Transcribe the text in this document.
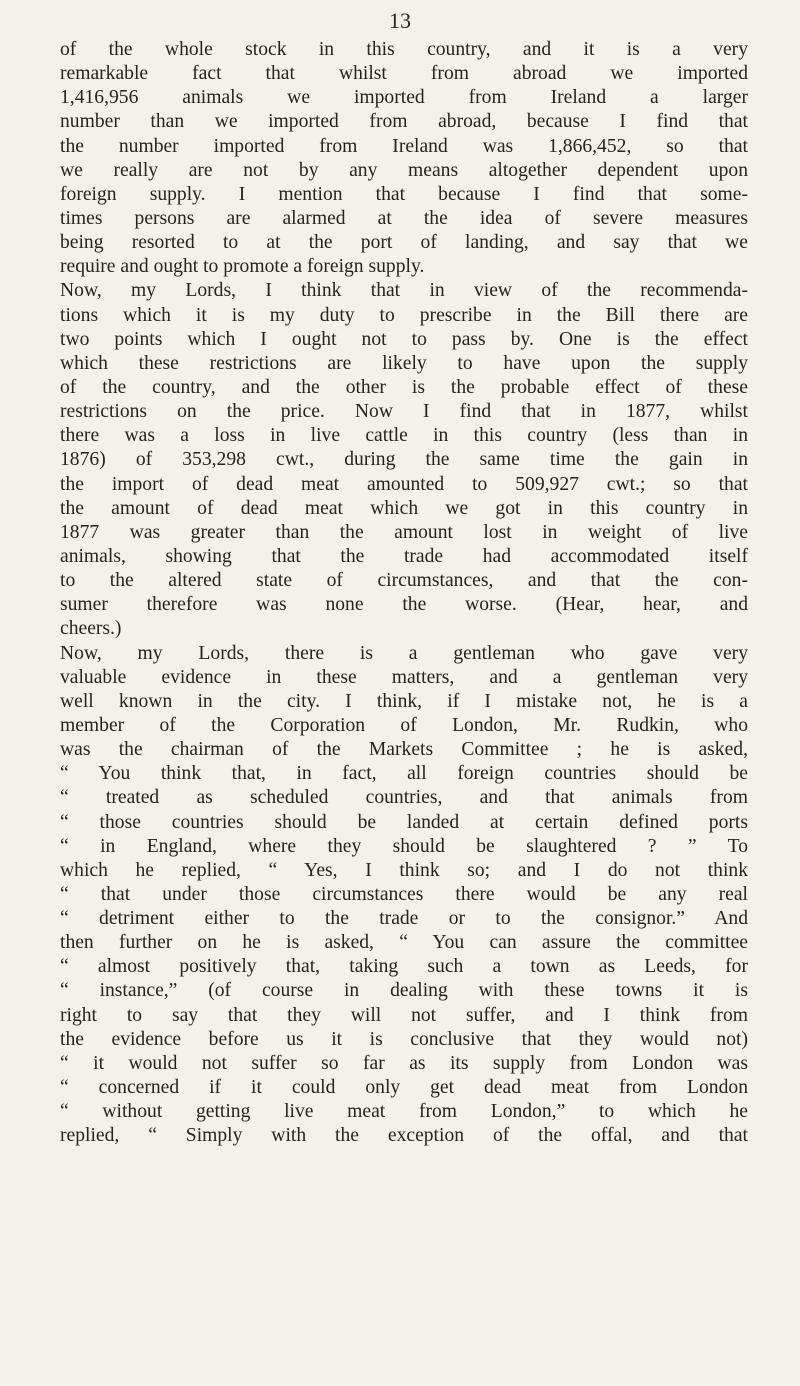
13
of the whole stock in this country, and it is a very
remarkable fact that whilst from abroad we imported
1,416,956 animals we imported from Ireland a larger
number than we imported from abroad, because I find that
the number imported from Ireland was 1,866,452, so that
we really are not by any means altogether dependent upon
foreign supply. I mention that because I find that some-
times persons are alarmed at the idea of severe measures
being resorted to at the port of landing, and say that we
require and ought to promote a foreign supply.
Now, my Lords, I think that in view of the recommenda-
tions which it is my duty to prescribe in the Bill there are
two points which I ought not to pass by. One is the effect
which these restrictions are likely to have upon the supply
of the country, and the other is the probable effect of these
restrictions on the price. Now I find that in 1877, whilst
there was a loss in live cattle in this country (less than in
1876) of 353,298 cwt., during the same time the gain in
the import of dead meat amounted to 509,927 cwt.; so that
the amount of dead meat which we got in this country in
1877 was greater than the amount lost in weight of live
animals, showing that the trade had accommodated itself
to the altered state of circumstances, and that the con-
sumer therefore was none the worse. (Hear, hear, and
cheers.)
Now, my Lords, there is a gentleman who gave very
valuable evidence in these matters, and a gentleman very
well known in the city. I think, if I mistake not, he is a
member of the Corporation of London, Mr. Rudkin, who
was the chairman of the Markets Committee ; he is asked,
“ You think that, in fact, all foreign countries should be
“ treated as scheduled countries, and that animals from
“ those countries should be landed at certain defined ports
“ in England, where they should be slaughtered ? ” To
which he replied, “ Yes, I think so; and I do not think
“ that under those circumstances there would be any real
“ detriment either to the trade or to the consignor.” And
then further on he is asked, “ You can assure the committee
“ almost positively that, taking such a town as Leeds, for
“ instance,” (of course in dealing with these towns it is
right to say that they will not suffer, and I think from
the evidence before us it is conclusive that they would not)
“ it would not suffer so far as its supply from London was
“ concerned if it could only get dead meat from London
“ without getting live meat from London,” to which he
replied, “ Simply with the exception of the offal, and that
